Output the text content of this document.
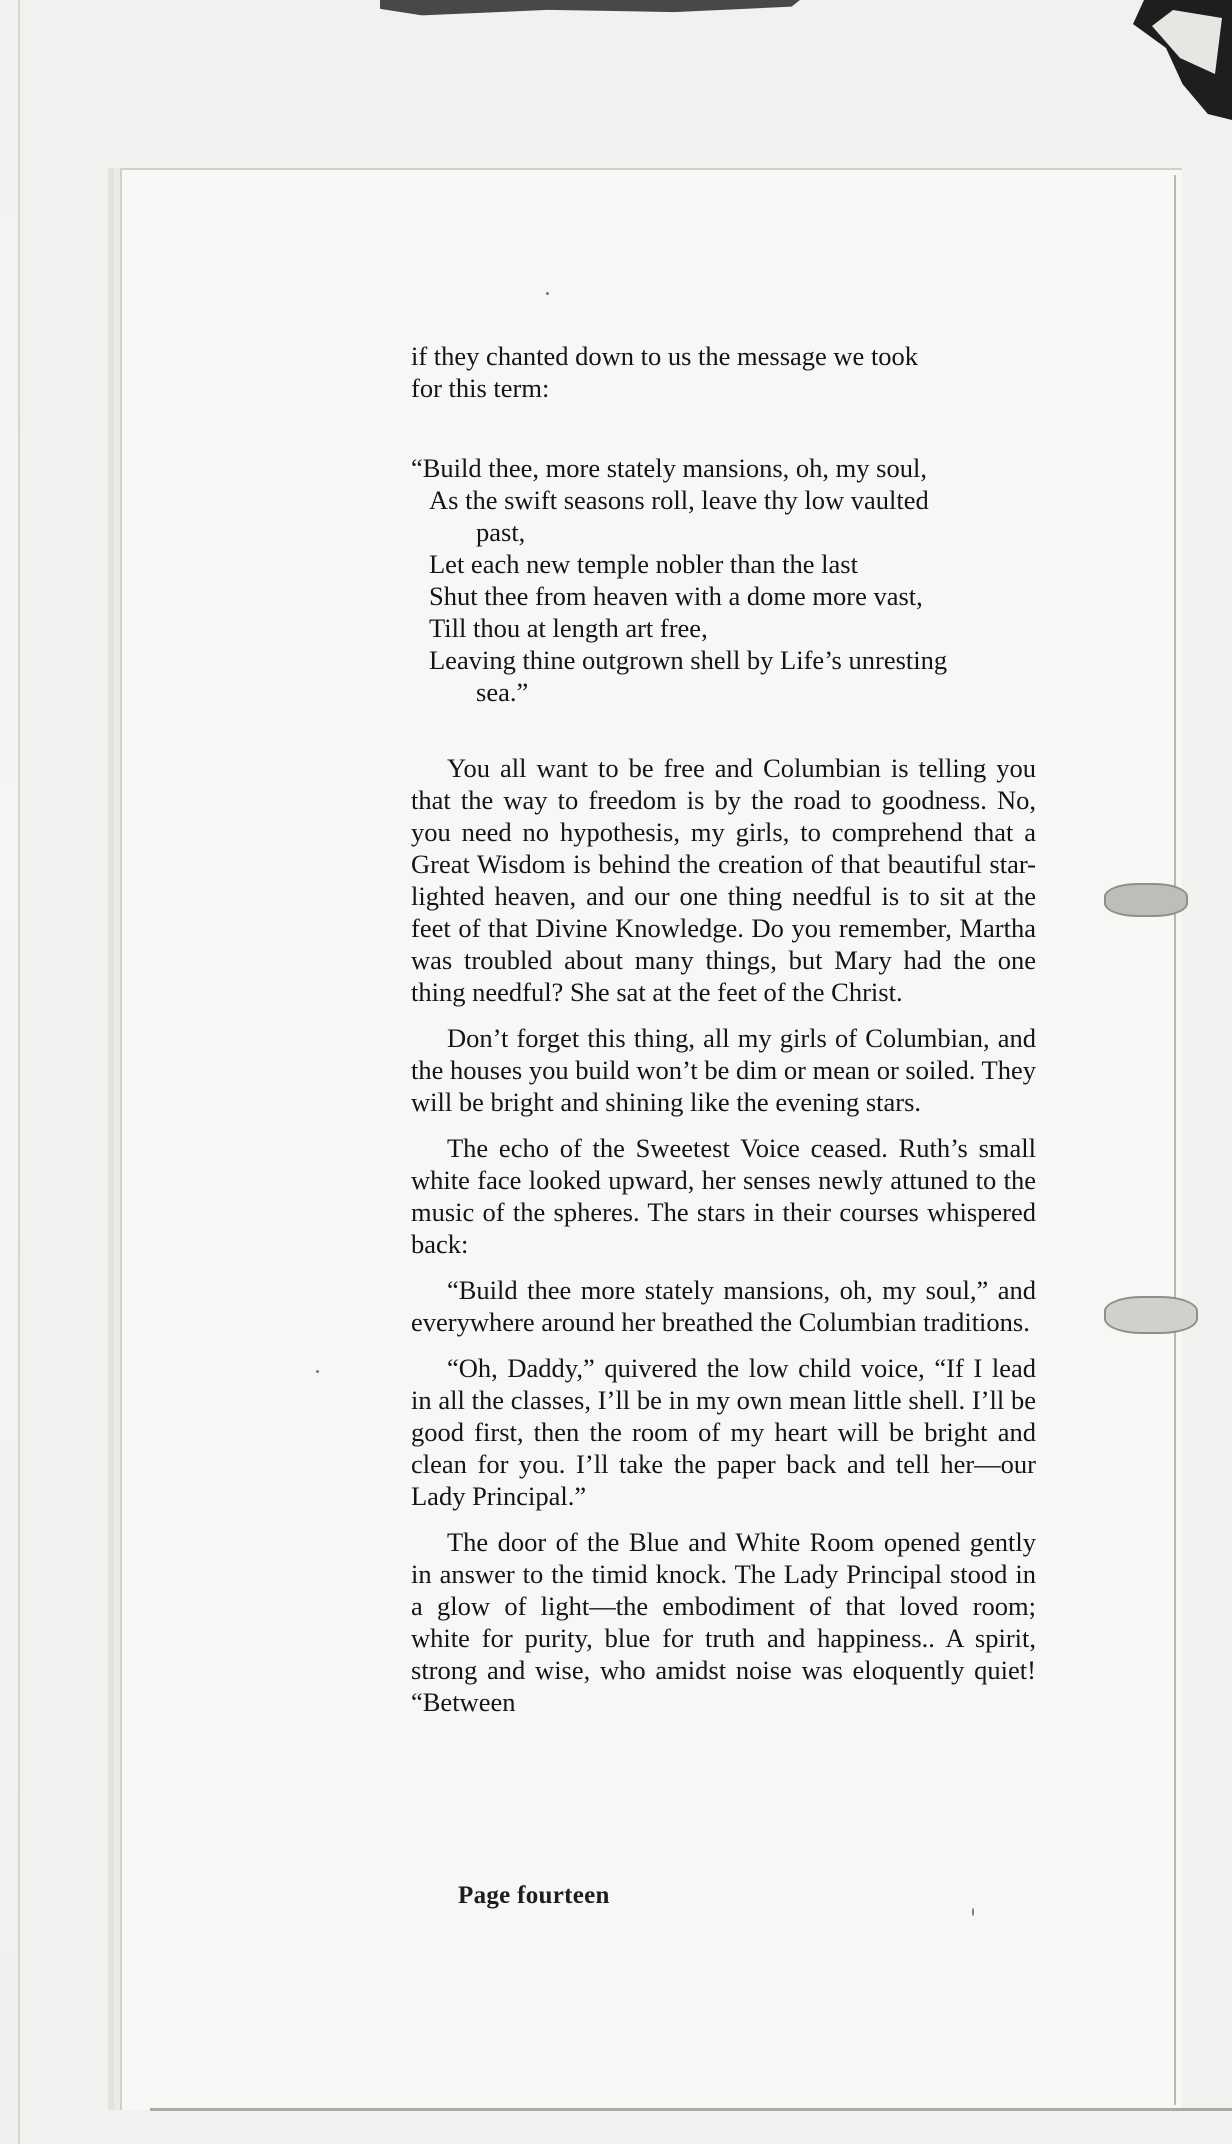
if they chanted down to us the message we took

for this term:

“Build thee, more stately mansions, oh, my soul,

As the swift seasons roll, leave thy low vaulted

past,

Let each new temple nobler than the last

Shut thee from heaven with a dome more vast,

Till thou at length art free,

Leaving thine outgrown shell by Life’s unresting

sea.”

You all want to be free and Columbian is telling you that the way to freedom is by the road to goodness. No, you need no hypothesis, my girls, to comprehend that a Great Wisdom is behind the creation of that beautiful star-lighted heaven, and our one thing needful is to sit at the feet of that Divine Knowledge. Do you remember, Martha was troubled about many things, but Mary had the one thing needful? She sat at the feet of the Christ.

Don’t forget this thing, all my girls of Columbian, and the houses you build won’t be dim or mean or soiled. They will be bright and shining like the evening stars.

The echo of the Sweetest Voice ceased. Ruth’s small white face looked upward, her senses newly attuned to the music of the spheres. The stars in their courses whispered back:

“Build thee more stately mansions, oh, my soul,” and everywhere around her breathed the Columbian traditions.

“Oh, Daddy,” quivered the low child voice, “If I lead in all the classes, I’ll be in my own mean little shell. I’ll be good first, then the room of my heart will be bright and clean for you. I’ll take the paper back and tell her—our Lady Principal.”

The door of the Blue and White Room opened gently in answer to the timid knock. The Lady Principal stood in a glow of light—the embodiment of that loved room; white for purity, blue for truth and happiness.. A spirit, strong and wise, who amidst noise was eloquently quiet! “Between

Page fourteen
